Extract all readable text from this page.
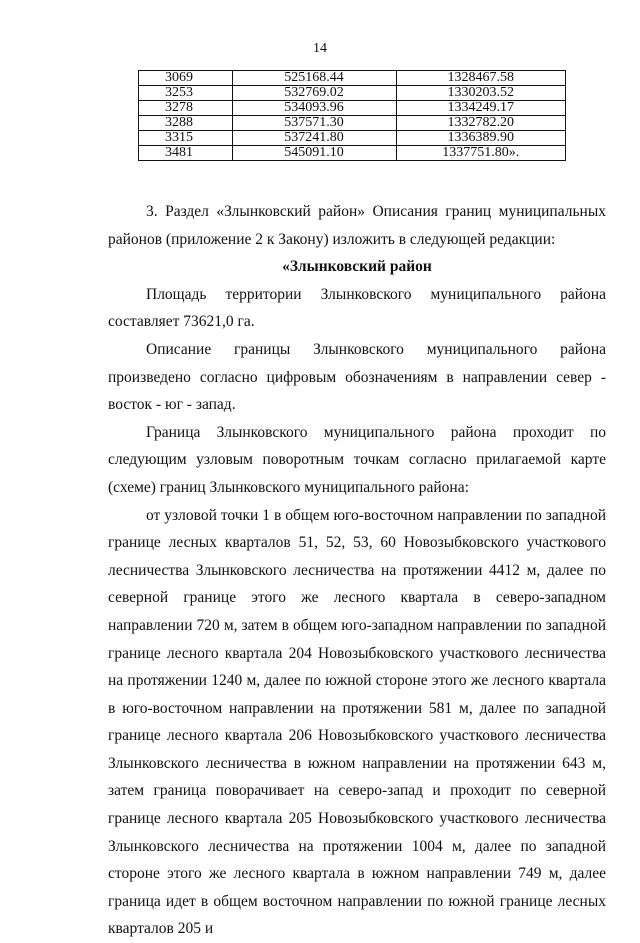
14
3069	525168.44	1328467.58
3253	532769.02	1330203.52
3278	534093.96	1334249.17
3288	537571.30	1332782.20
3315	537241.80	1336389.90
3481	545091.10	1337751.80».

3. Раздел «Злынковский район» Описания границ муниципальных районов (приложение 2 к Закону) изложить в следующей редакции:

«Злынковский район

Площадь территории Злынковского муниципального района составляет 73621,0 га.

Описание границы Злынковского муниципального района произведено согласно цифровым обозначениям в направлении север - восток - юг - запад.

Граница Злынковского муниципального района проходит по следующим узловым поворотным точкам согласно прилагаемой карте (схеме) границ Злынковского муниципального района:

от узловой точки 1 в общем юго-восточном направлении по западной границе лесных кварталов 51, 52, 53, 60 Новозыбковского участкового лесничества Злынковского лесничества на протяжении 4412 м, далее по северной границе этого же лесного квартала в северо-западном направлении 720 м, затем в общем юго-западном направлении по западной границе лесного квартала 204 Новозыбковского участкового лесничества на протяжении 1240 м, далее по южной стороне этого же лесного квартала в юго-восточном направлении на протяжении 581 м, далее по западной границе лесного квартала 206 Новозыбковского участкового лесничества Злынковского лесничества в южном направлении на протяжении 643 м, затем граница поворачивает на северо-запад и проходит по северной границе лесного квартала 205 Новозыбковского участкового лесничества Злынковского лесничества на протяжении 1004 м, далее по западной стороне этого же лесного квартала в южном направлении 749 м, далее граница идет в общем восточном направлении по южной границе лесных кварталов 205 и
